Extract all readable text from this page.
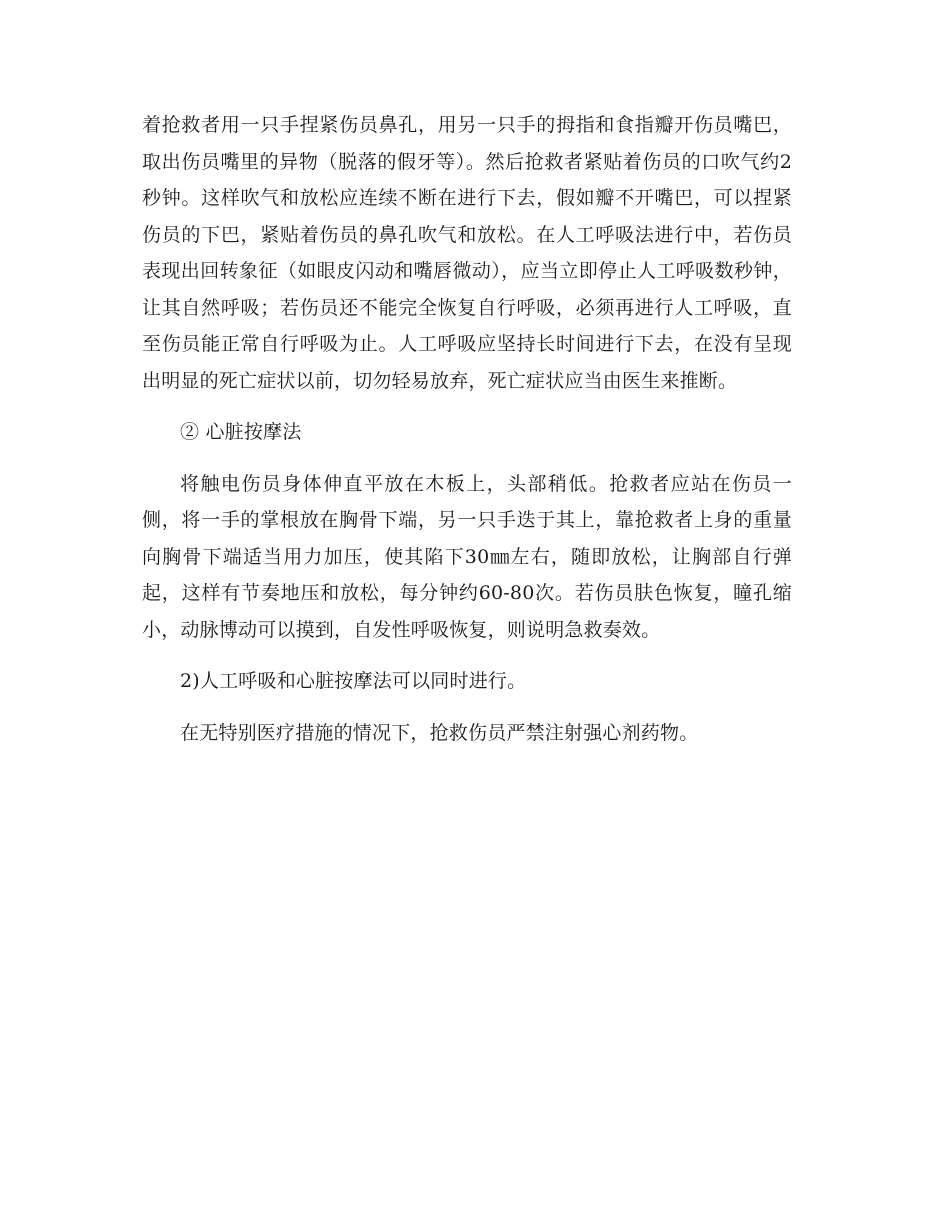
着抢救者用一只手捏紧伤员鼻孔，用另一只手的拇指和食指瓣开伤员嘴巴，取出伤员嘴里的异物（脱落的假牙等）。然后抢救者紧贴着伤员的口吹气约2秒钟。这样吹气和放松应连续不断在进行下去，假如瓣不开嘴巴，可以捏紧伤员的下巴，紧贴着伤员的鼻孔吹气和放松。在人工呼吸法进行中，若伤员表现出回转象征（如眼皮闪动和嘴唇微动），应当立即停止人工呼吸数秒钟，让其自然呼吸；若伤员还不能完全恢复自行呼吸，必须再进行人工呼吸，直至伤员能正常自行呼吸为止。人工呼吸应坚持长时间进行下去，在没有呈现出明显的死亡症状以前，切勿轻易放弃，死亡症状应当由医生来推断。

② 心脏按摩法

将触电伤员身体伸直平放在木板上，头部稍低。抢救者应站在伤员一侧，将一手的掌根放在胸骨下端，另一只手迭于其上，靠抢救者上身的重量向胸骨下端适当用力加压，使其陷下30㎜左右，随即放松，让胸部自行弹起，这样有节奏地压和放松，每分钟约60-80次。若伤员肤色恢复，瞳孔缩小，动脉博动可以摸到，自发性呼吸恢复，则说明急救奏效。

2)人工呼吸和心脏按摩法可以同时进行。

在无特别医疗措施的情况下，抢救伤员严禁注射强心剂药物。
